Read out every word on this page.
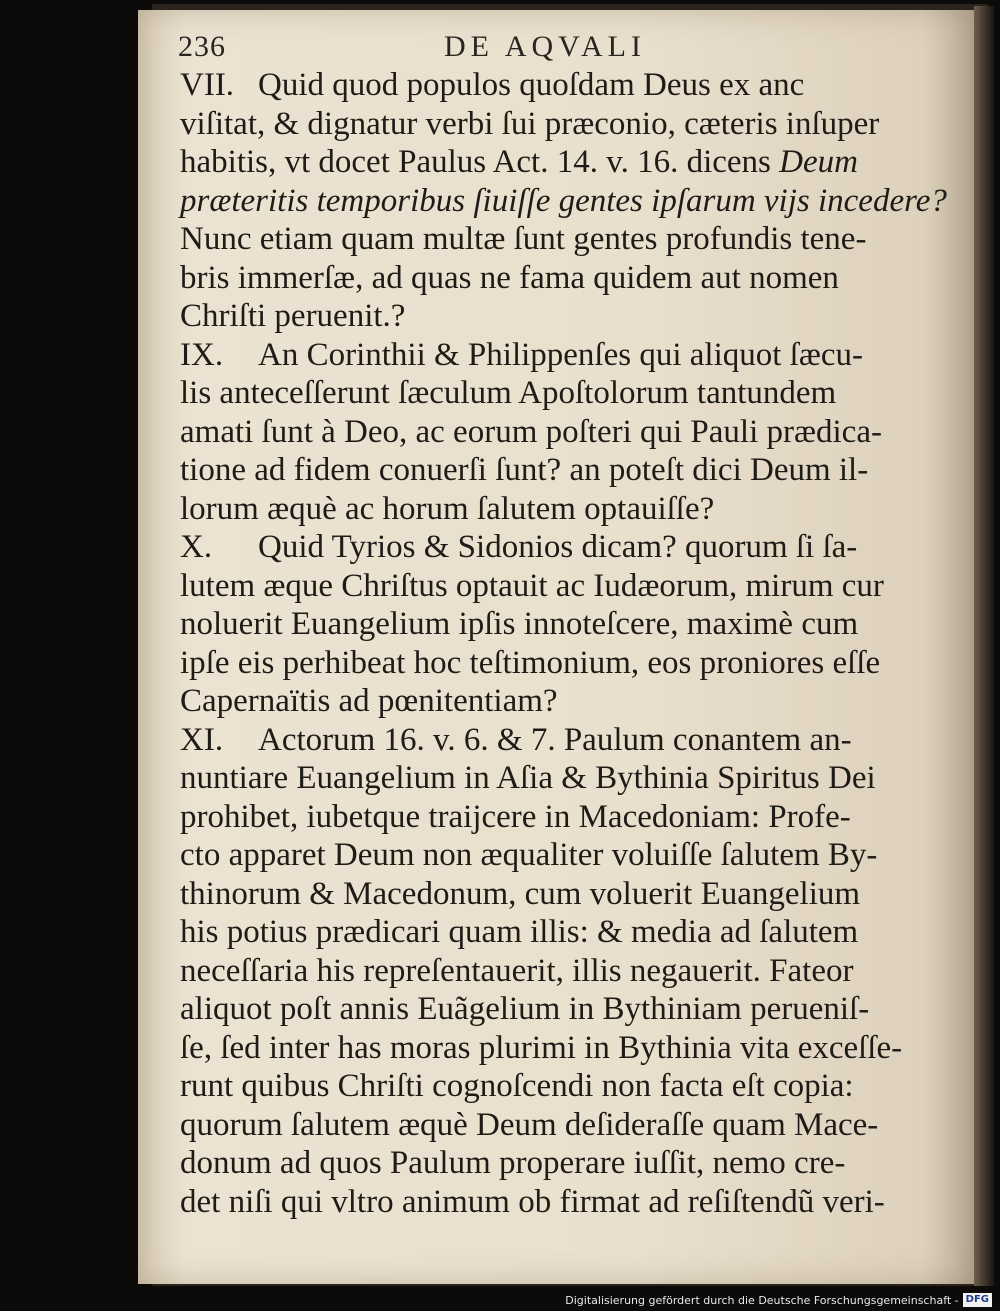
236	DE AQVALI
VII. Quid quod populos quoſdam Deus ex anc
viſitat, & dignatur verbi ſui præconio, cæteris inſuper
habitis, vt docet Paulus Act. 14. v. 16. dicens Deum
præteritis temporibus ſiuiſſe gentes ipſarum vijs incedere?
Nunc etiam quam multæ ſunt gentes profundis tene-
bris immerſæ, ad quas ne fama quidem aut nomen
Chriſti peruenit.?
IX. An Corinthii & Philippenſes qui aliquot ſæcu-
lis anteceſſerunt ſæculum Apoſtolorum tantundem
amati ſunt à Deo, ac eorum poſteri qui Pauli prædica-
tione ad fidem conuerſi ſunt? an poteſt dici Deum il-
lorum æquè ac horum ſalutem optauiſſe?
X. Quid Tyrios & Sidonios dicam? quorum ſi ſa-
lutem æque Chriſtus optauit ac Iudæorum, mirum cur
noluerit Euangelium ipſis innoteſcere, maximè cum
ipſe eis perhibeat hoc teſtimonium, eos proniores eſſe
Capernaïtis ad pœnitentiam?
XI. Actorum 16. v. 6. & 7. Paulum conantem an-
nuntiare Euangelium in Aſia & Bythinia Spiritus Dei
prohibet, iubetque traijcere in Macedoniam: Profe-
cto apparet Deum non æqualiter voluiſſe ſalutem By-
thinorum & Macedonum, cum voluerit Euangelium
his potius prædicari quam illis: & media ad ſalutem
neceſſaria his repreſentauerit, illis negauerit. Fateor
aliquot poſt annis Euãgelium in Bythiniam perueniſ-
ſe, ſed inter has moras plurimi in Bythinia vita exceſſe-
runt quibus Chriſti cognoſcendi non facta eſt copia:
quorum ſalutem æquè Deum deſideraſſe quam Mace-
donum ad quos Paulum properare iuſſit, nemo cre-
det niſi qui vltro animum ob firmat ad reſiſtendũ veri-
Digitalisierung gefördert durch die Deutsche Forschungsgemeinschaft - DFG
